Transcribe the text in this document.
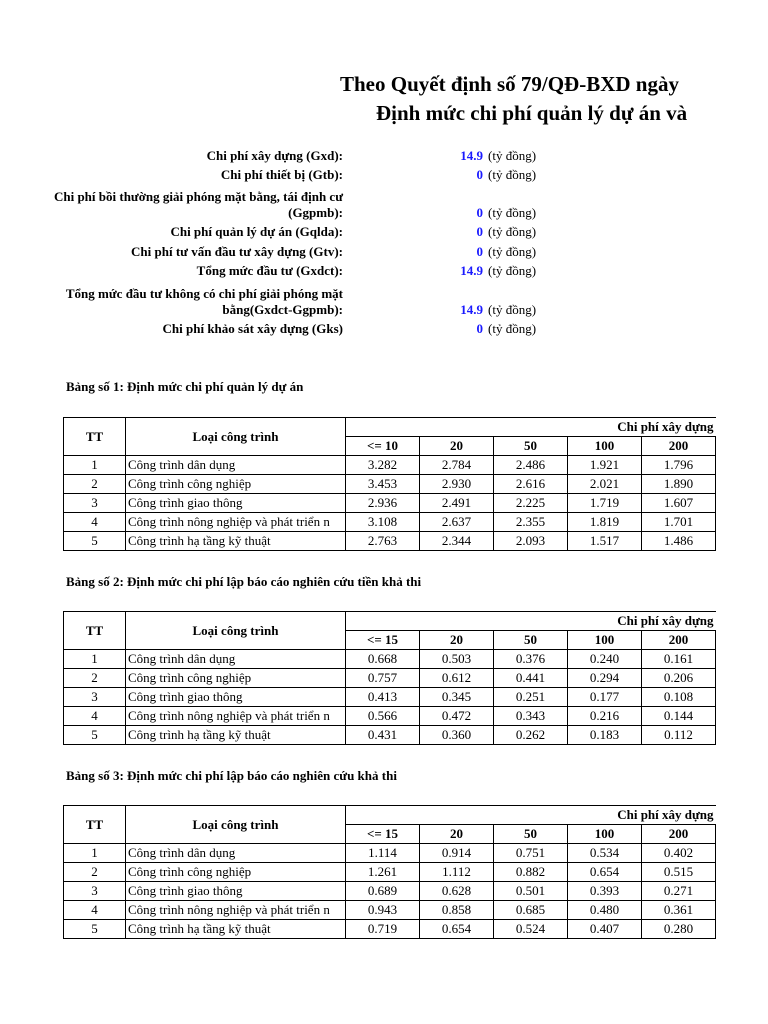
Theo Quyết định số 79/QĐ-BXD ngày
Định mức chi phí quản lý dự án và
Chi phí xây dựng (Gxd):	14.9 (tỷ đồng)
Chi phí thiết bị (Gtb):	0 (tỷ đồng)
Chi phí bồi thường giải phóng mặt bằng, tái định cư (Ggpmb):	0 (tỷ đồng)
Chi phí quản lý dự án (Gqlda):	0 (tỷ đồng)
Chi phí tư vấn đầu tư xây dựng (Gtv):	0 (tỷ đồng)
Tổng mức đầu tư (Gxdct):	14.9 (tỷ đồng)
Tổng mức đầu tư không có chi phí giải phóng mặt bằng(Gxdct-Ggpmb):	14.9 (tỷ đồng)
Chi phí khảo sát xây dựng (Gks)	0 (tỷ đồng)
Bảng số 1: Định mức chi phí quản lý dự án
TT	Loại công trình	Chi phí xây dựng				
		<= 10	20	50	100	200
1	Công trình dân dụng	3.282	2.784	2.486	1.921	1.796
2	Công trình công nghiệp	3.453	2.930	2.616	2.021	1.890
3	Công trình giao thông	2.936	2.491	2.225	1.719	1.607
4	Công trình nông nghiệp và phát triển n	3.108	2.637	2.355	1.819	1.701
5	Công trình hạ tầng kỹ thuật	2.763	2.344	2.093	1.517	1.486
Bảng số 2: Định mức chi phí lập báo cáo nghiên cứu tiền khả thi
TT	Loại công trình	Chi phí xây dựng				
		<= 15	20	50	100	200
1	Công trình dân dụng	0.668	0.503	0.376	0.240	0.161
2	Công trình công nghiệp	0.757	0.612	0.441	0.294	0.206
3	Công trình giao thông	0.413	0.345	0.251	0.177	0.108
4	Công trình nông nghiệp và phát triển n	0.566	0.472	0.343	0.216	0.144
5	Công trình hạ tầng kỹ thuật	0.431	0.360	0.262	0.183	0.112
Bảng số 3: Định mức chi phí lập báo cáo nghiên cứu khả thi
TT	Loại công trình	Chi phí xây dựng				
		<= 15	20	50	100	200
1	Công trình dân dụng	1.114	0.914	0.751	0.534	0.402
2	Công trình công nghiệp	1.261	1.112	0.882	0.654	0.515
3	Công trình giao thông	0.689	0.628	0.501	0.393	0.271
4	Công trình nông nghiệp và phát triển n	0.943	0.858	0.685	0.480	0.361
5	Công trình hạ tầng kỹ thuật	0.719	0.654	0.524	0.407	0.280
